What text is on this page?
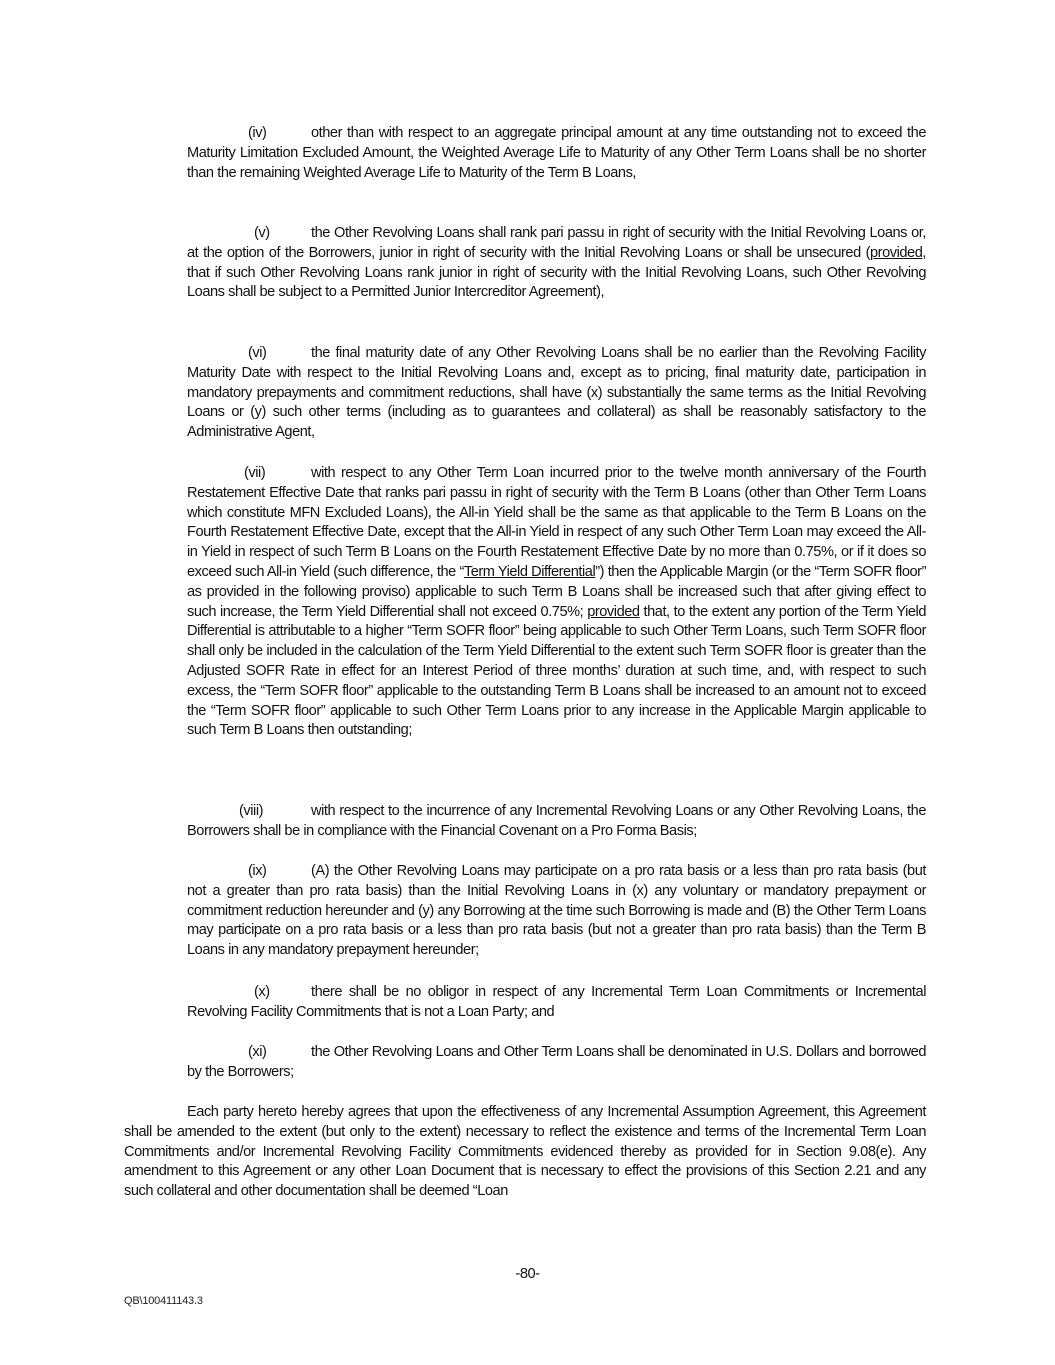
(iv)	other than with respect to an aggregate principal amount at any time outstanding not to exceed the Maturity Limitation Excluded Amount, the Weighted Average Life to Maturity of any Other Term Loans shall be no shorter than the remaining Weighted Average Life to Maturity of the Term B Loans,

(v)	the Other Revolving Loans shall rank pari passu in right of security with the Initial Revolving Loans or, at the option of the Borrowers, junior in right of security with the Initial Revolving Loans or shall be unsecured (provided, that if such Other Revolving Loans rank junior in right of security with the Initial Revolving Loans, such Other Revolving Loans shall be subject to a Permitted Junior Intercreditor Agreement),

(vi)	the final maturity date of any Other Revolving Loans shall be no earlier than the Revolving Facility Maturity Date with respect to the Initial Revolving Loans and, except as to pricing, final maturity date, participation in mandatory prepayments and commitment reductions, shall have (x) substantially the same terms as the Initial Revolving Loans or (y) such other terms (including as to guarantees and collateral) as shall be reasonably satisfactory to the Administrative Agent,

(vii)	with respect to any Other Term Loan incurred prior to the twelve month anniversary of the Fourth Restatement Effective Date that ranks pari passu in right of security with the Term B Loans (other than Other Term Loans which constitute MFN Excluded Loans), the All-in Yield shall be the same as that applicable to the Term B Loans on the Fourth Restatement Effective Date, except that the All-in Yield in respect of any such Other Term Loan may exceed the All-in Yield in respect of such Term B Loans on the Fourth Restatement Effective Date by no more than 0.75%, or if it does so exceed such All-in Yield (such difference, the “Term Yield Differential”) then the Applicable Margin (or the “Term SOFR floor” as provided in the following proviso) applicable to such Term B Loans shall be increased such that after giving effect to such increase, the Term Yield Differential shall not exceed 0.75%; provided that, to the extent any portion of the Term Yield Differential is attributable to a higher “Term SOFR floor” being applicable to such Other Term Loans, such Term SOFR floor shall only be included in the calculation of the Term Yield Differential to the extent such Term SOFR floor is greater than the Adjusted SOFR Rate in effect for an Interest Period of three months’ duration at such time, and, with respect to such excess, the “Term SOFR floor” applicable to the outstanding Term B Loans shall be increased to an amount not to exceed the “Term SOFR floor” applicable to such Other Term Loans prior to any increase in the Applicable Margin applicable to such Term B Loans then outstanding;

(viii)	with respect to the incurrence of any Incremental Revolving Loans or any Other Revolving Loans, the Borrowers shall be in compliance with the Financial Covenant on a Pro Forma Basis;

(ix)	(A) the Other Revolving Loans may participate on a pro rata basis or a less than pro rata basis (but not a greater than pro rata basis) than the Initial Revolving Loans in (x) any voluntary or mandatory prepayment or commitment reduction hereunder and (y) any Borrowing at the time such Borrowing is made and (B) the Other Term Loans may participate on a pro rata basis or a less than pro rata basis (but not a greater than pro rata basis) than the Term B Loans in any mandatory prepayment hereunder;

(x)	there shall be no obligor in respect of any Incremental Term Loan Commitments or Incremental Revolving Facility Commitments that is not a Loan Party; and

(xi)	the Other Revolving Loans and Other Term Loans shall be denominated in U.S. Dollars and borrowed by the Borrowers;

Each party hereto hereby agrees that upon the effectiveness of any Incremental Assumption Agreement, this Agreement shall be amended to the extent (but only to the extent) necessary to reflect the existence and terms of the Incremental Term Loan Commitments and/or Incremental Revolving Facility Commitments evidenced thereby as provided for in Section 9.08(e). Any amendment to this Agreement or any other Loan Document that is necessary to effect the provisions of this Section 2.21 and any such collateral and other documentation shall be deemed “Loan

-80-
QB\100411143.3
